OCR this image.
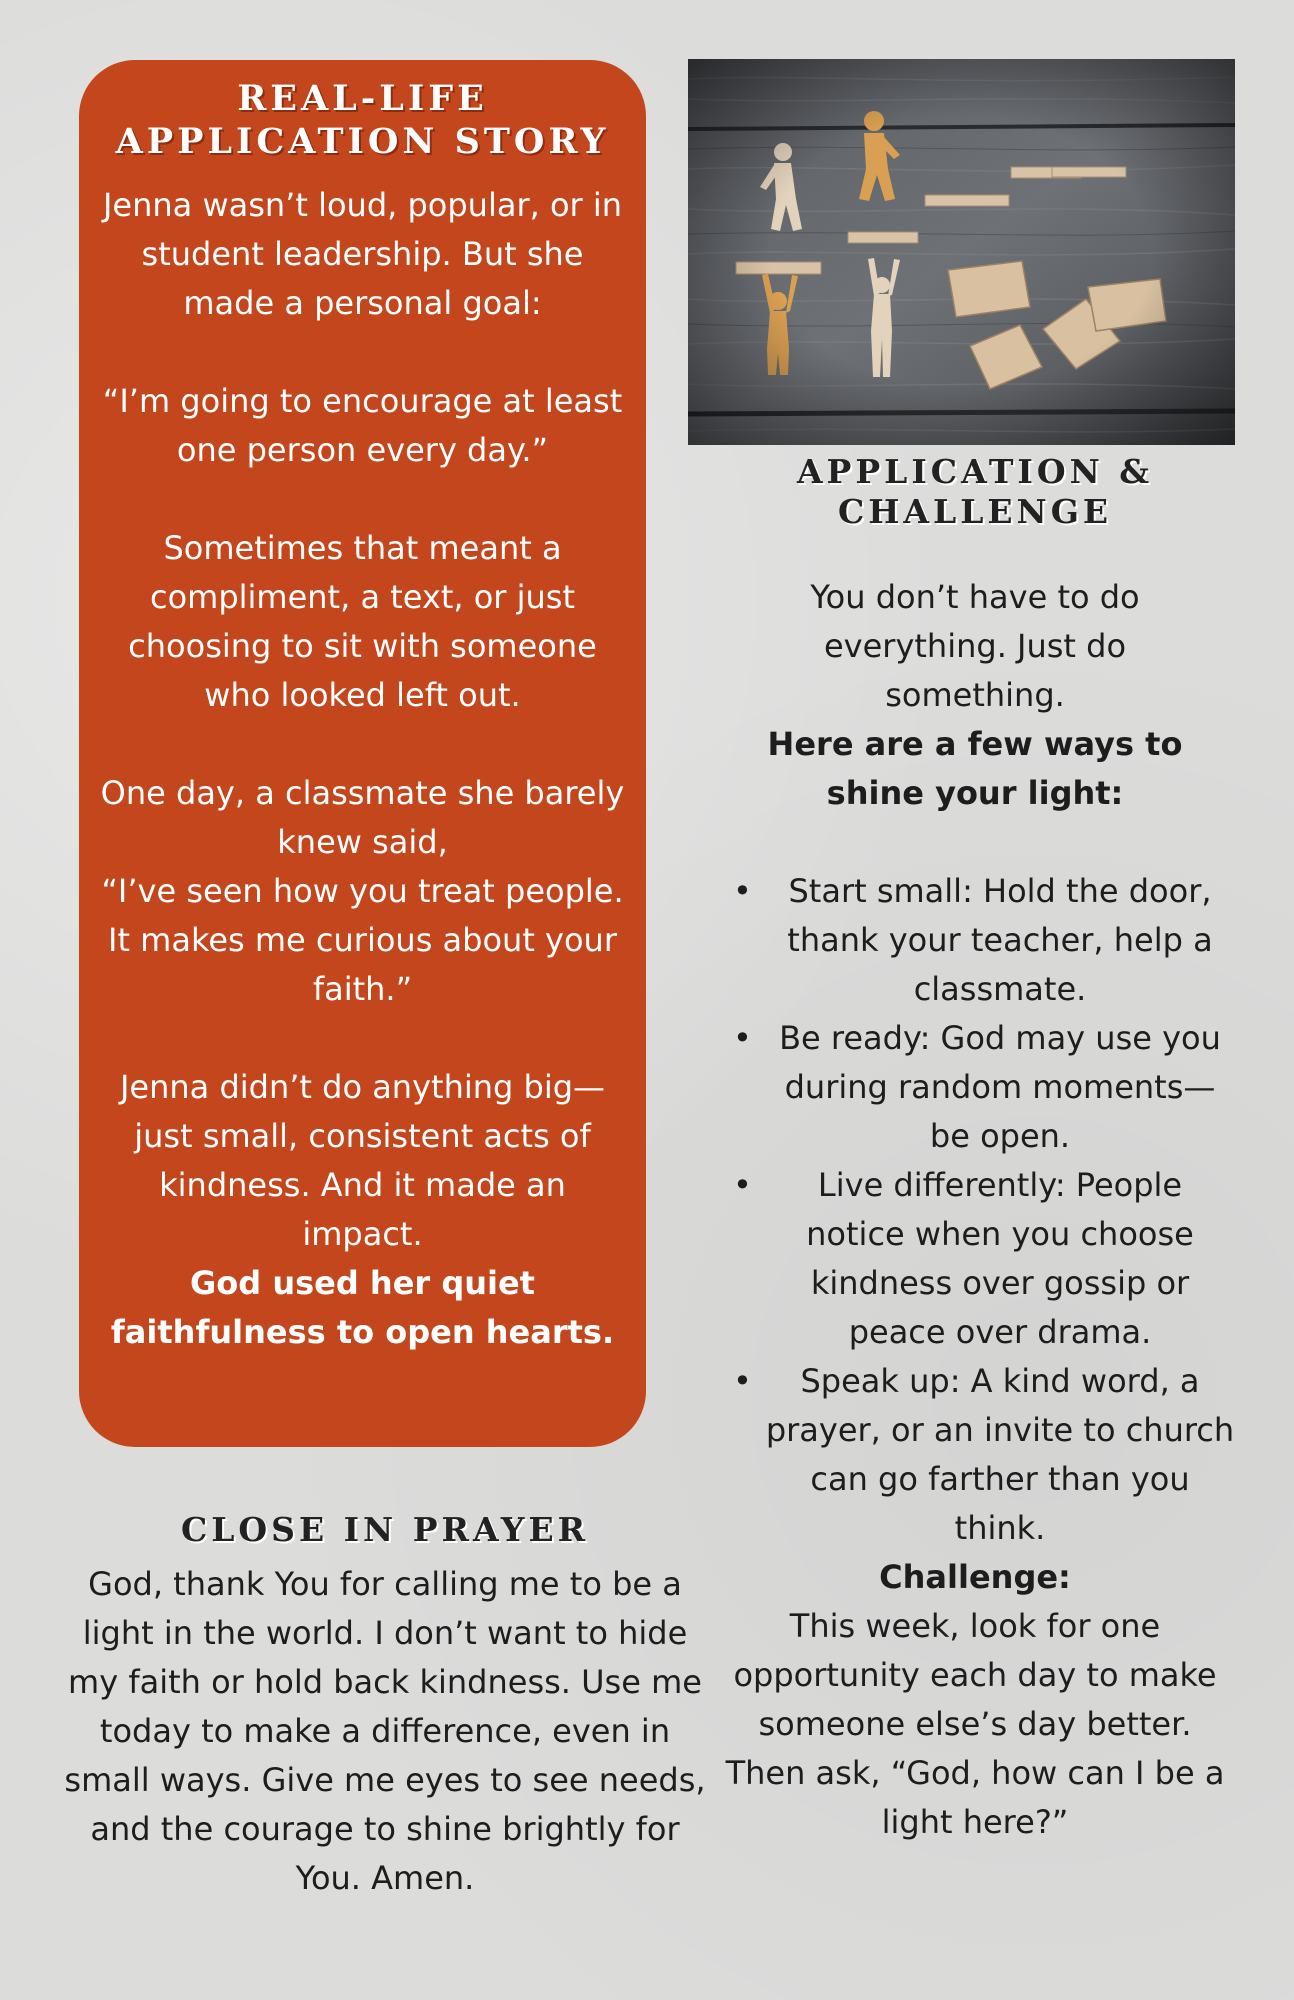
REAL-LIFE
APPLICATION STORY

Jenna wasn’t loud, popular, or in student leadership. But she made a personal goal:

“I’m going to encourage at least one person every day.”

Sometimes that meant a compliment, a text, or just choosing to sit with someone who looked left out.

One day, a classmate she barely knew said,

“I’ve seen how you treat people. It makes me curious about your faith.”

Jenna didn’t do anything big—just small, consistent acts of kindness. And it made an impact.

God used her quiet faithfulness to open hearts.

APPLICATION &
CHALLENGE

You don’t have to do everything. Just do something.

Here are a few ways to shine your light:

•	Start small: Hold the door, thank your teacher, help a classmate.

• Be ready: God may use you during random moments—be open.

•	Live differently: People notice when you choose kindness over gossip or peace over drama.

•	Speak up: A kind word, a prayer, or an invite to church can go farther than you think.

Challenge:

This week, look for one opportunity each day to make someone else’s day better. Then ask, “God, how can I be a light here?”

CLOSE IN PRAYER

God, thank You for calling me to be a light in the world. I don’t want to hide my faith or hold back kindness. Use me today to make a difference, even in small ways. Give me eyes to see needs, and the courage to shine brightly for You. Amen.
